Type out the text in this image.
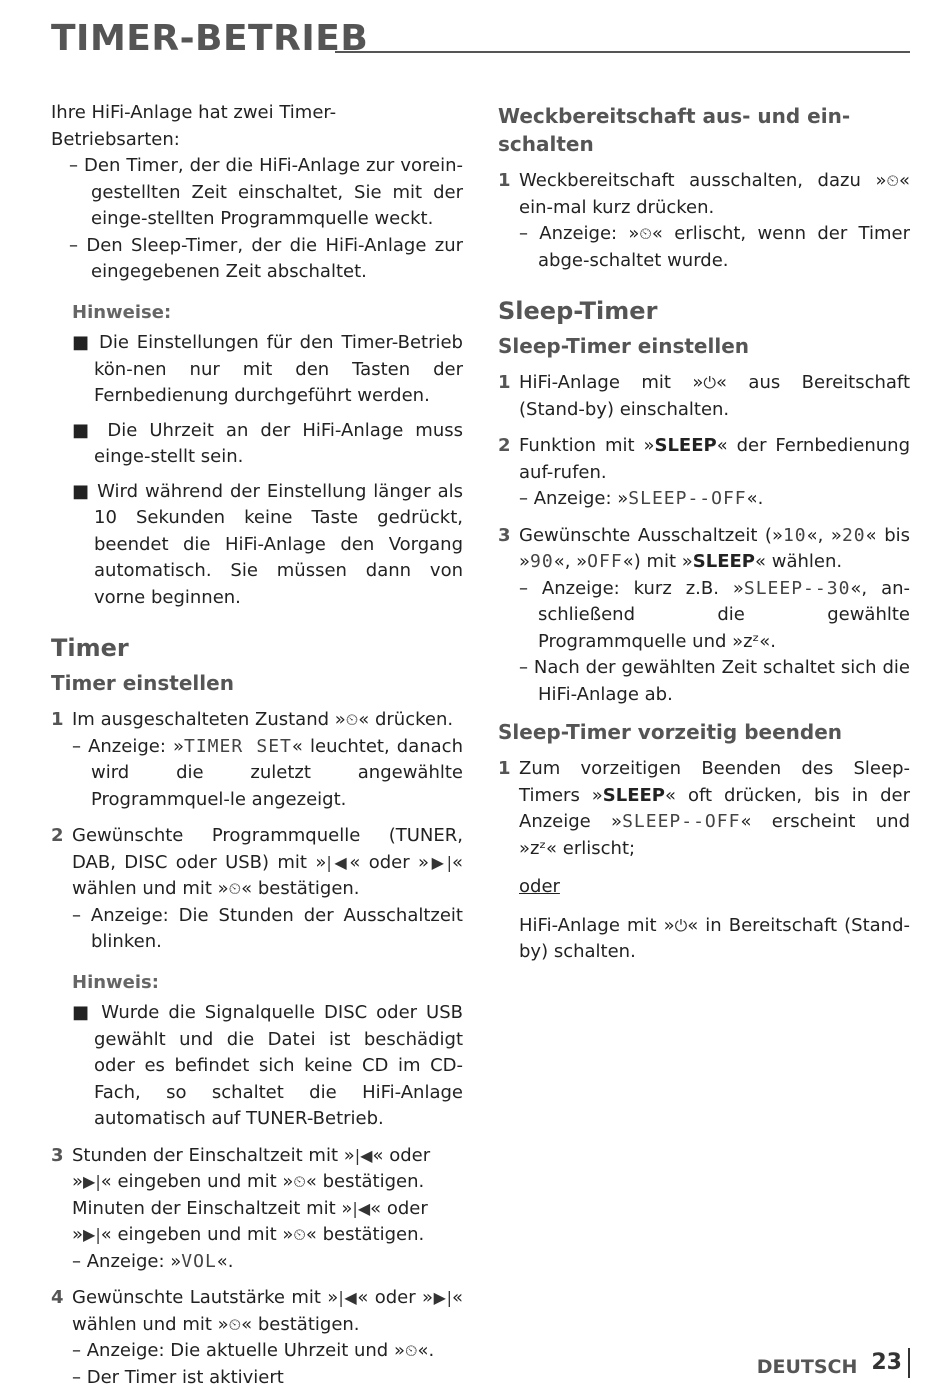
TIMER-BETRIEB

Ihre HiFi-Anlage hat zwei Timer-Betriebsarten:

– Den Timer, der die HiFi-Anlage zur vorein-gestellten Zeit einschaltet, Sie mit der einge-stellten Programmquelle weckt.

– Den Sleep-Timer, der die HiFi-Anlage zur eingegebenen Zeit abschaltet.

Hinweise:

■ Die Einstellungen für den Timer-Betrieb kön-nen nur mit den Tasten der Fernbedienung durchgeführt werden.

■ Die Uhrzeit an der HiFi-Anlage muss einge-stellt sein.

■ Wird während der Einstellung länger als 10 Sekunden keine Taste gedrückt, beendet die HiFi-Anlage den Vorgang automatisch. Sie müssen dann von vorne beginnen.

Timer
Timer einstellen
1 Im ausgeschalteten Zustand »⏲« drücken.

– Anzeige: »TIMER SET« leuchtet, danach wird die zuletzt angewählte Programmquel-le angezeigt.

2 Gewünschte Programmquelle (TUNER, DAB, DISC oder USB) mit »|◀« oder »▶|« wählen und mit »⏲« bestätigen.

– Anzeige: Die Stunden der Ausschaltzeit blinken.

Hinweis:

■ Wurde die Signalquelle DISC oder USB gewählt und die Datei ist beschädigt oder es befindet sich keine CD im CD-Fach, so schaltet die HiFi-Anlage automatisch auf TUNER-Betrieb.

3 Stunden der Einschaltzeit mit »|◀« oder »▶|« eingeben und mit »⏲« bestätigen.

Minuten der Einschaltzeit mit »|◀« oder »▶|« eingeben und mit »⏲« bestätigen.

– Anzeige: »VOL«.

4 Gewünschte Lautstärke mit »|◀« oder »▶|« wählen und mit »⏲« bestätigen.

– Anzeige: Die aktuelle Uhrzeit und »⏲«.

– Der Timer ist aktiviert

Weckbereitschaft aus- und ein-schalten
1 Weckbereitschaft ausschalten, dazu »⏲« ein-mal kurz drücken.

– Anzeige: »⏲« erlischt, wenn der Timer abge-schaltet wurde.

Sleep-Timer
Sleep-Timer einstellen
1 HiFi-Anlage mit »⏻« aus Bereitschaft (Stand-by) einschalten.

2 Funktion mit »SLEEP« der Fernbedienung auf-rufen.

– Anzeige: »SLEEP--OFF«.

3 Gewünschte Ausschaltzeit (»10«, »20« bis »90«, »OFF«) mit »SLEEP« wählen.

– Anzeige: kurz z.B. »SLEEP--30«, an-schließend die gewählte Programmquelle und »zᶻ«.

– Nach der gewählten Zeit schaltet sich die HiFi-Anlage ab.

Sleep-Timer vorzeitig beenden
1 Zum vorzeitigen Beenden des Sleep-Timers »SLEEP« oft drücken, bis in der Anzeige »SLEEP--OFF« erscheint und »zᶻ« erlischt;

oder

HiFi-Anlage mit »⏻« in Bereitschaft (Stand-by) schalten.

DEUTSCH 23
